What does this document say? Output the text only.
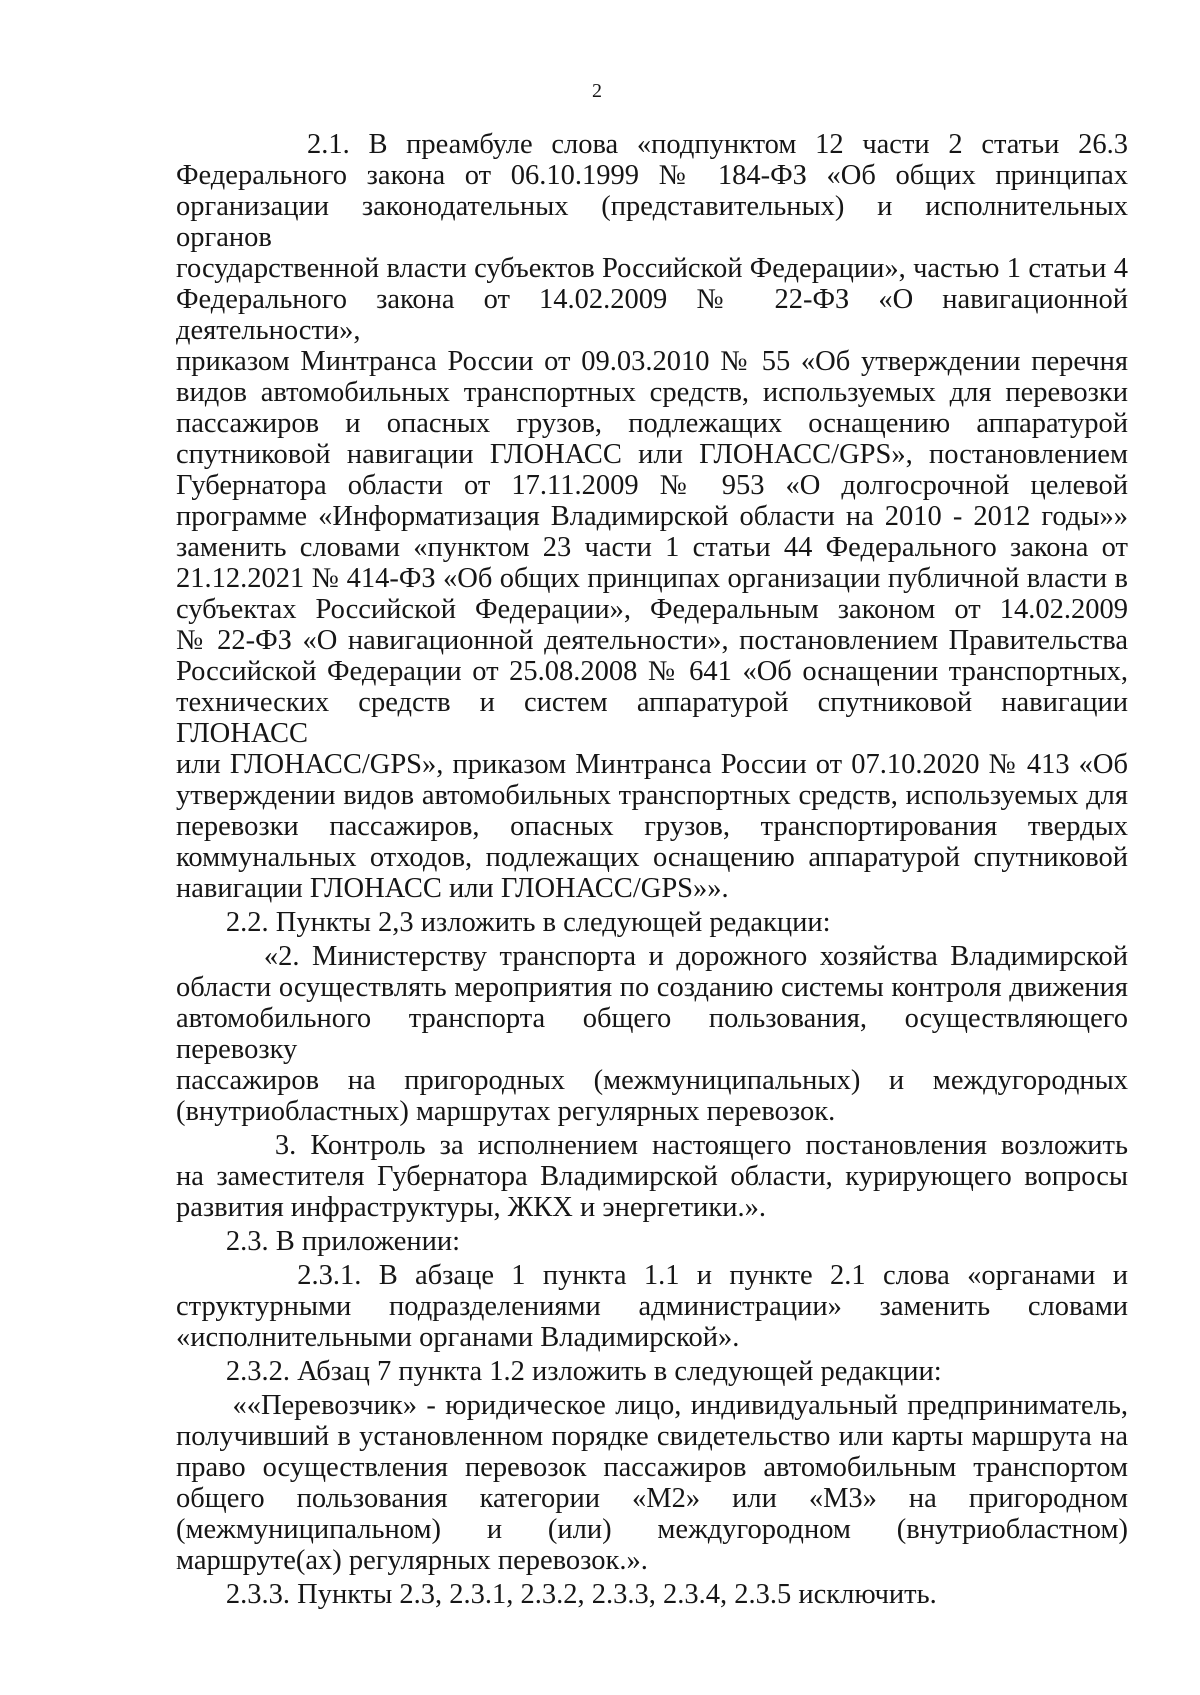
2
2.1. В преамбуле слова «подпунктом 12 части 2 статьи 26.3
Федерального закона от 06.10.1999 № 184-ФЗ «Об общих принципах
организации законодательных (представительных) и исполнительных органов
государственной власти субъектов Российской Федерации», частью 1 статьи 4
Федерального закона от 14.02.2009 № 22-ФЗ «О навигационной деятельности»,
приказом Минтранса России от 09.03.2010 № 55 «Об утверждении перечня
видов автомобильных транспортных средств, используемых для перевозки
пассажиров и опасных грузов, подлежащих оснащению аппаратурой
спутниковой навигации ГЛОНАСС или ГЛОНАСС/GPS», постановлением
Губернатора области от 17.11.2009 № 953 «О долгосрочной целевой
программе «Информатизация Владимирской области на 2010 - 2012 годы»»
заменить словами «пунктом 23 части 1 статьи 44 Федерального закона от
21.12.2021 № 414-ФЗ «Об общих принципах организации публичной власти в
субъектах Российской Федерации», Федеральным законом от 14.02.2009
№ 22-ФЗ «О навигационной деятельности», постановлением Правительства
Российской Федерации от 25.08.2008 № 641 «Об оснащении транспортных,
технических средств и систем аппаратурой спутниковой навигации ГЛОНАСС
или ГЛОНАСС/GPS», приказом Минтранса России от 07.10.2020 № 413 «Об
утверждении видов автомобильных транспортных средств, используемых для
перевозки пассажиров, опасных грузов, транспортирования твердых
коммунальных отходов, подлежащих оснащению аппаратурой спутниковой
навигации ГЛОНАСС или ГЛОНАСС/GPS»».
2.2. Пункты 2,3 изложить в следующей редакции:
«2. Министерству транспорта и дорожного хозяйства Владимирской
области осуществлять мероприятия по созданию системы контроля движения
автомобильного транспорта общего пользования, осуществляющего перевозку
пассажиров на пригородных (межмуниципальных) и междугородных
(внутриобластных) маршрутах регулярных перевозок.
3. Контроль за исполнением настоящего постановления возложить
на заместителя Губернатора Владимирской области, курирующего вопросы
развития инфраструктуры, ЖКХ и энергетики.».
2.3. В приложении:
2.3.1. В абзаце 1 пункта 1.1 и пункте 2.1 слова «органами и
структурными подразделениями администрации» заменить словами
«исполнительными органами Владимирской».
2.3.2. Абзац 7 пункта 1.2 изложить в следующей редакции:
««Перевозчик» - юридическое лицо, индивидуальный предприниматель,
получивший в установленном порядке свидетельство или карты маршрута на
право осуществления перевозок пассажиров автомобильным транспортом
общего пользования категории «М2» или «М3» на пригородном
(межмуниципальном) и (или) междугородном (внутриобластном)
маршруте(ах) регулярных перевозок.».
2.3.3. Пункты 2.3, 2.3.1, 2.3.2, 2.3.3, 2.3.4, 2.3.5 исключить.
